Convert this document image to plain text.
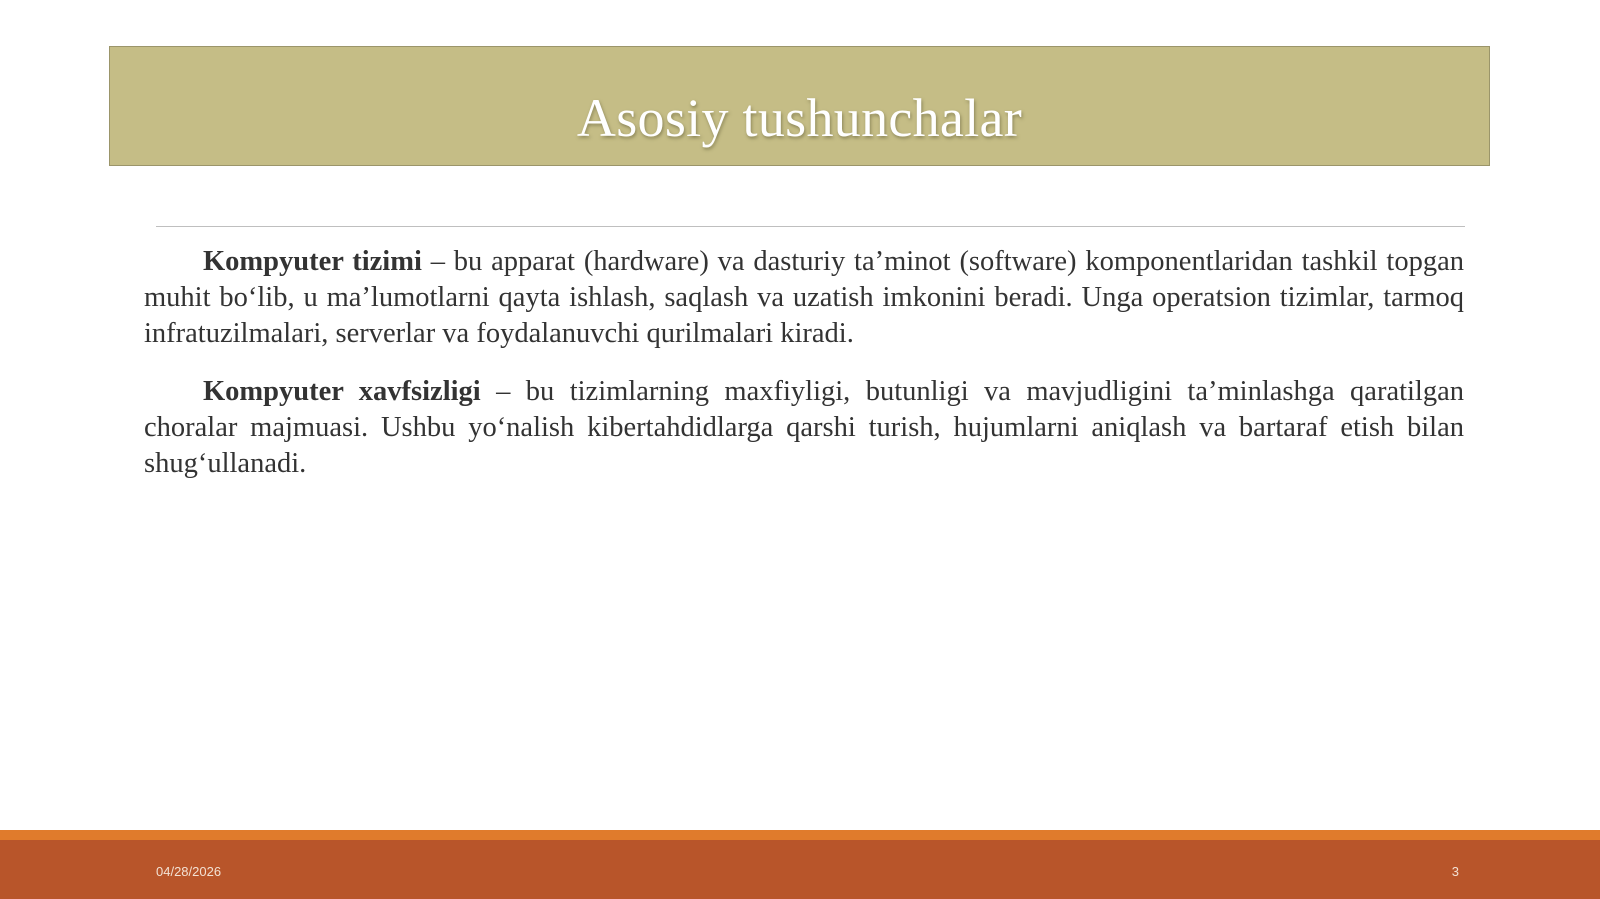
Asosiy tushunchalar

Kompyuter tizimi – bu apparat (hardware) va dasturiy ta’minot (software) komponentlaridan tashkil topgan muhit bo‘lib, u ma’lumotlarni qayta ishlash, saqlash va uzatish imkonini beradi. Unga operatsion tizimlar, tarmoq infratuzilmalari, serverlar va foydalanuvchi qurilmalari kiradi.

Kompyuter xavfsizligi – bu tizimlarning maxfiyligi, butunligi va mavjudligini ta’minlashga qaratilgan choralar majmuasi. Ushbu yo‘nalish kibertahdidlarga qarshi turish, hujumlarni aniqlash va bartaraf etish bilan shug‘ullanadi.

04/28/2026	3
